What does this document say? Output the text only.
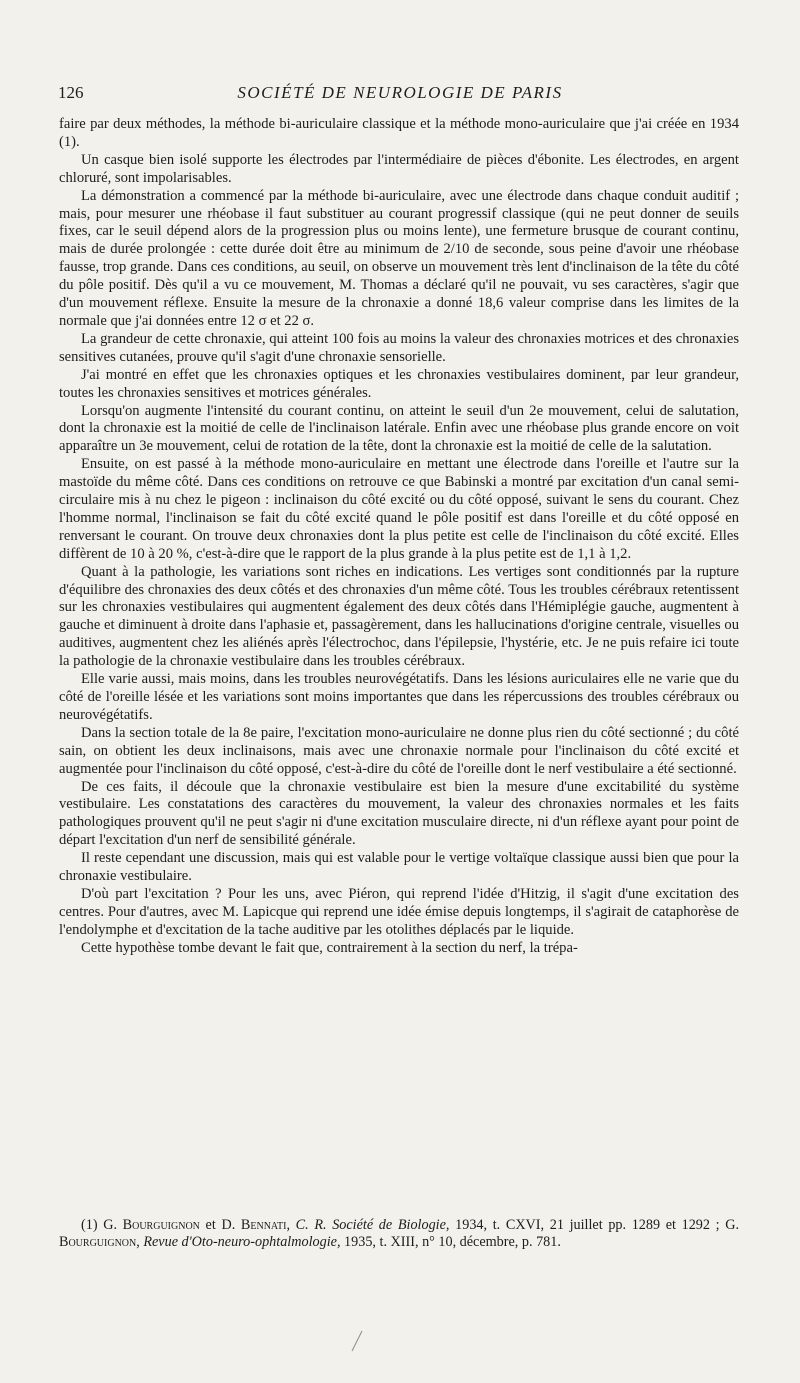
126	SOCIÉTÉ DE NEUROLOGIE DE PARIS

faire par deux méthodes, la méthode bi-auriculaire classique et la méthode mono-auriculaire que j'ai créée en 1934 (1).

Un casque bien isolé supporte les électrodes par l'intermédiaire de pièces d'ébonite. Les électrodes, en argent chloruré, sont impolarisables.

La démonstration a commencé par la méthode bi-auriculaire, avec une électrode dans chaque conduit auditif ; mais, pour mesurer une rhéobase il faut substituer au courant progressif classique (qui ne peut donner de seuils fixes, car le seuil dépend alors de la progression plus ou moins lente), une fermeture brusque de courant continu, mais de durée prolongée : cette durée doit être au minimum de 2/10 de seconde, sous peine d'avoir une rhéobase fausse, trop grande. Dans ces conditions, au seuil, on observe un mouvement très lent d'inclinaison de la tête du côté du pôle positif. Dès qu'il a vu ce mouvement, M. Thomas a déclaré qu'il ne pouvait, vu ses caractères, s'agir que d'un mouvement réflexe. Ensuite la mesure de la chronaxie a donné 18,6 valeur comprise dans les limites de la normale que j'ai données entre 12 σ et 22 σ.

La grandeur de cette chronaxie, qui atteint 100 fois au moins la valeur des chronaxies motrices et des chronaxies sensitives cutanées, prouve qu'il s'agit d'une chronaxie sensorielle.

J'ai montré en effet que les chronaxies optiques et les chronaxies vestibulaires dominent, par leur grandeur, toutes les chronaxies sensitives et motrices générales.

Lorsqu'on augmente l'intensité du courant continu, on atteint le seuil d'un 2e mouvement, celui de salutation, dont la chronaxie est la moitié de celle de l'inclinaison latérale. Enfin avec une rhéobase plus grande encore on voit apparaître un 3e mouvement, celui de rotation de la tête, dont la chronaxie est la moitié de celle de la salutation.

Ensuite, on est passé à la méthode mono-auriculaire en mettant une électrode dans l'oreille et l'autre sur la mastoïde du même côté. Dans ces conditions on retrouve ce que Babinski a montré par excitation d'un canal semi-circulaire mis à nu chez le pigeon : inclinaison du côté excité ou du côté opposé, suivant le sens du courant. Chez l'homme normal, l'inclinaison se fait du côté excité quand le pôle positif est dans l'oreille et du côté opposé en renversant le courant. On trouve deux chronaxies dont la plus petite est celle de l'inclinaison du côté excité. Elles diffèrent de 10 à 20 %, c'est-à-dire que le rapport de la plus grande à la plus petite est de 1,1 à 1,2.

Quant à la pathologie, les variations sont riches en indications. Les vertiges sont conditionnés par la rupture d'équilibre des chronaxies des deux côtés et des chronaxies d'un même côté. Tous les troubles cérébraux retentissent sur les chronaxies vestibulaires qui augmentent également des deux côtés dans l'Hémiplégie gauche, augmentent à gauche et diminuent à droite dans l'aphasie et, passagèrement, dans les hallucinations d'origine centrale, visuelles ou auditives, augmentent chez les aliénés après l'électrochoc, dans l'épilepsie, l'hystérie, etc. Je ne puis refaire ici toute la pathologie de la chronaxie vestibulaire dans les troubles cérébraux.

Elle varie aussi, mais moins, dans les troubles neurovégétatifs. Dans les lésions auriculaires elle ne varie que du côté de l'oreille lésée et les variations sont moins importantes que dans les répercussions des troubles cérébraux ou neurovégétatifs.

Dans la section totale de la 8e paire, l'excitation mono-auriculaire ne donne plus rien du côté sectionné ; du côté sain, on obtient les deux inclinaisons, mais avec une chronaxie normale pour l'inclinaison du côté excité et augmentée pour l'inclinaison du côté opposé, c'est-à-dire du côté de l'oreille dont le nerf vestibulaire a été sectionné.

De ces faits, il découle que la chronaxie vestibulaire est bien la mesure d'une excitabilité du système vestibulaire. Les constatations des caractères du mouvement, la valeur des chronaxies normales et les faits pathologiques prouvent qu'il ne peut s'agir ni d'une excitation musculaire directe, ni d'un réflexe ayant pour point de départ l'excitation d'un nerf de sensibilité générale.

Il reste cependant une discussion, mais qui est valable pour le vertige voltaïque classique aussi bien que pour la chronaxie vestibulaire.

D'où part l'excitation ? Pour les uns, avec Piéron, qui reprend l'idée d'Hitzig, il s'agit d'une excitation des centres. Pour d'autres, avec M. Lapicque qui reprend une idée émise depuis longtemps, il s'agirait de cataphorèse de l'endolymphe et d'excitation de la tache auditive par les otolithes déplacés par le liquide.

Cette hypothèse tombe devant le fait que, contrairement à la section du nerf, la trépa-

(1) G. Bourguignon et D. Bennati, C. R. Société de Biologie, 1934, t. CXVI, 21 juillet pp. 1289 et 1292 ; G. Bourguignon, Revue d'Oto-neuro-ophtalmologie, 1935, t. XIII, n° 10, décembre, p. 781.
